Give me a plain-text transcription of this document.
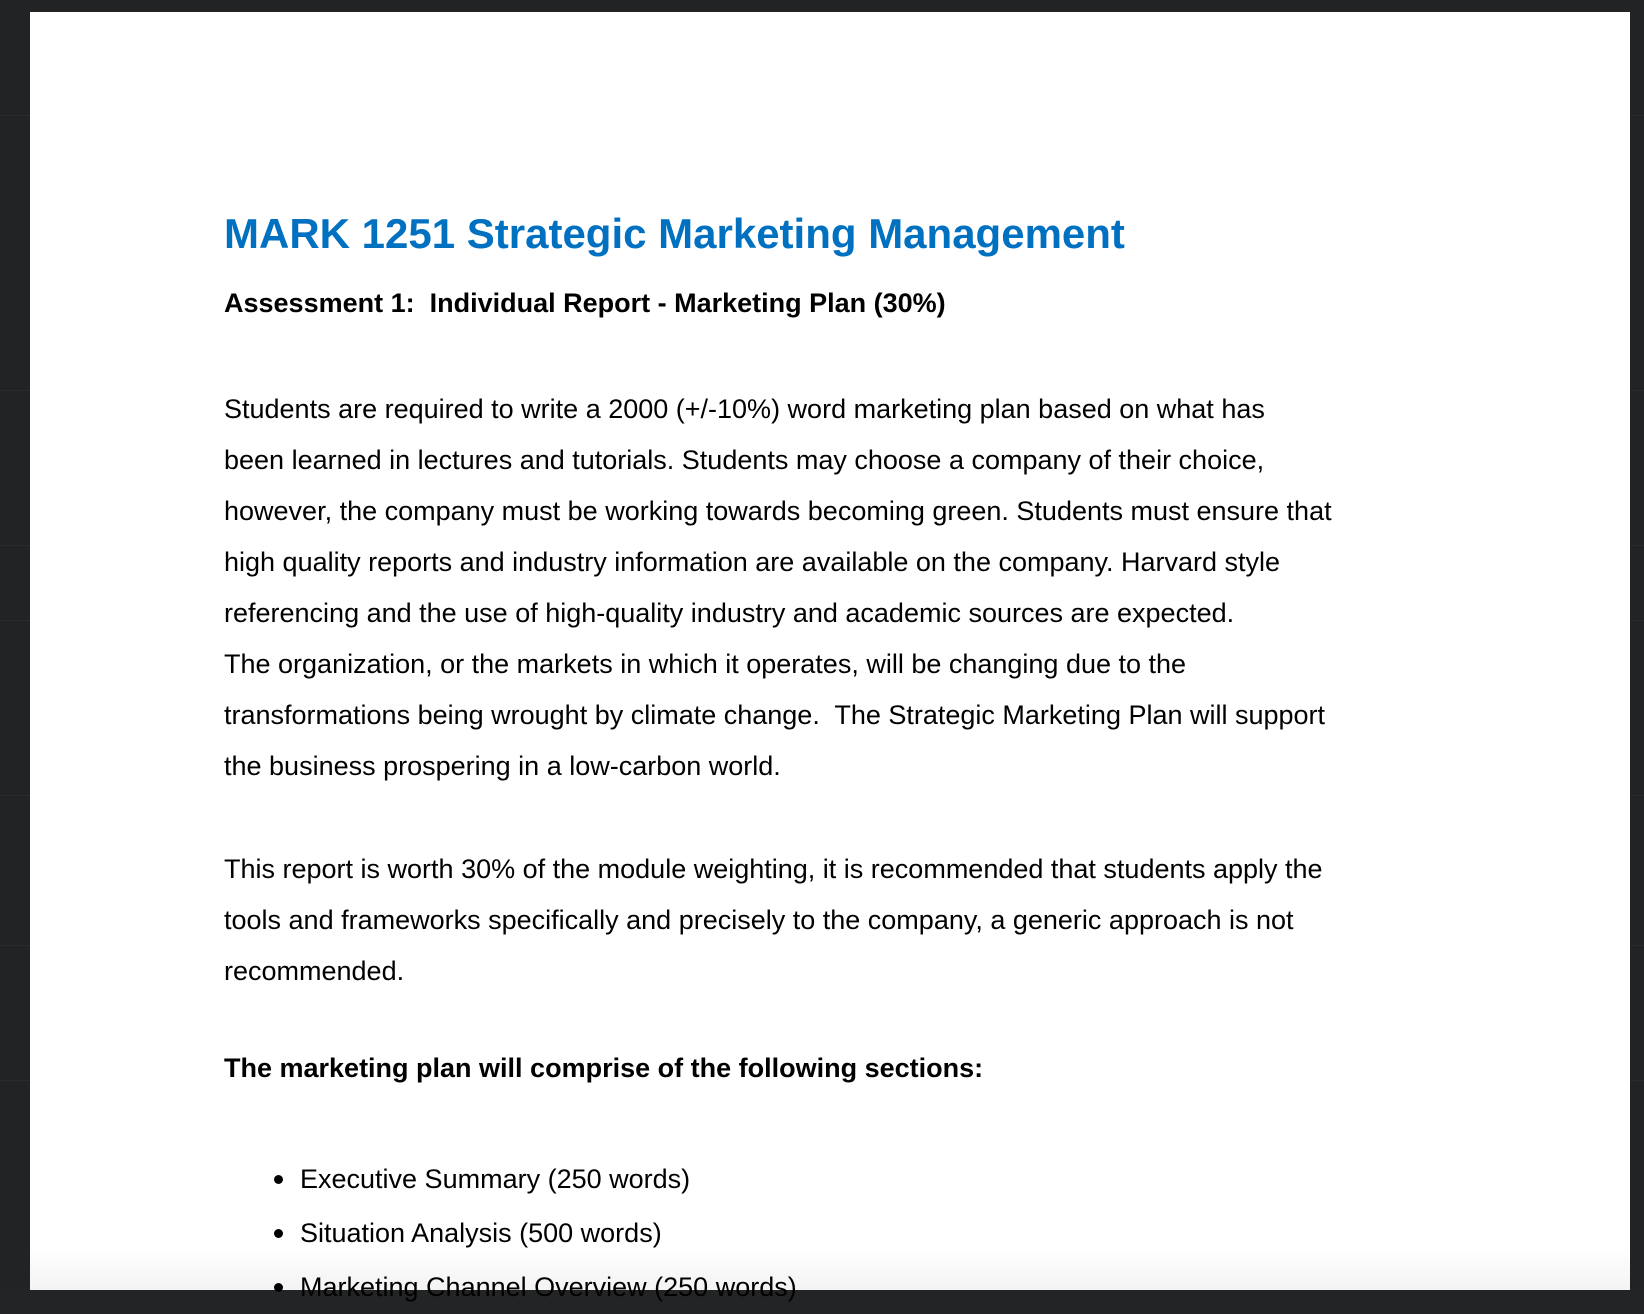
MARK 1251 Strategic Marketing Management
Assessment 1:  Individual Report - Marketing Plan (30%)

Students are required to write a 2000 (+/-10%) word marketing plan based on what has
been learned in lectures and tutorials. Students may choose a company of their choice,
however, the company must be working towards becoming green. Students must ensure that
high quality reports and industry information are available on the company. Harvard style
referencing and the use of high-quality industry and academic sources are expected.
The organization, or the markets in which it operates, will be changing due to the
transformations being wrought by climate change.  The Strategic Marketing Plan will support
the business prospering in a low-carbon world.

This report is worth 30% of the module weighting, it is recommended that students apply the
tools and frameworks specifically and precisely to the company, a generic approach is not
recommended.

The marketing plan will comprise of the following sections:
Executive Summary (250 words)
Situation Analysis (500 words)
Marketing Channel Overview (250 words)
